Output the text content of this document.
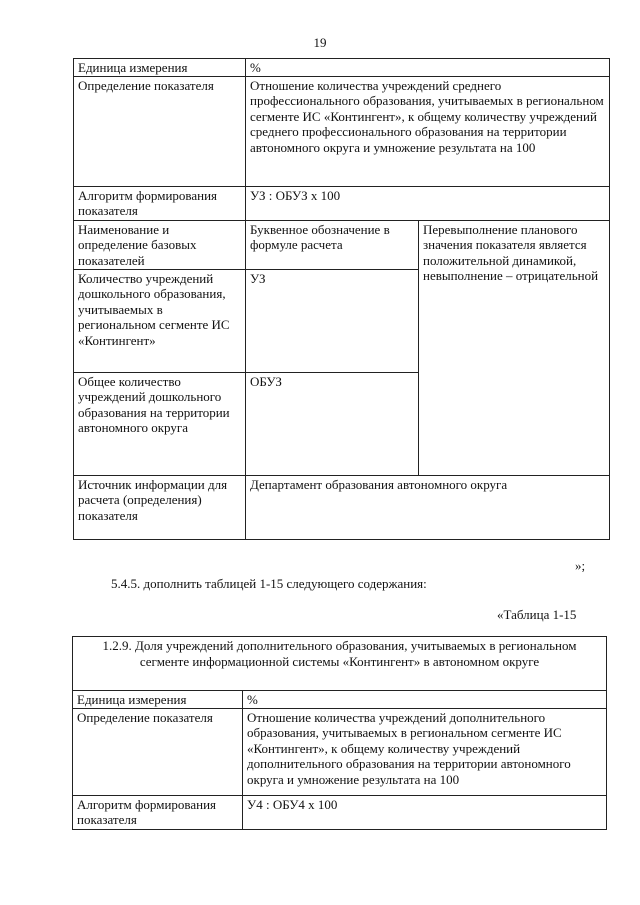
19
Единица измерения	%	
Определение показателя	Отношение количества учреждений среднего профессионального образования, учитываемых в региональном сегменте ИС «Контингент», к общему количеству учреждений среднего профессионального образования на территории автономного округа и умножение результата на 100	
Алгоритм формирования показателя	УЗ : ОБУЗ х 100	
Наименование и определение базовых показателей	Буквенное обозначение в формуле расчета	Перевыполнение планового значения показателя является положительной динамикой, невыполнение – отрицательной
Количество учреждений дошкольного образования, учитываемых в региональном сегменте ИС «Контингент»	УЗ	
Общее количество учреждений дошкольного образования на территории автономного округа	ОБУЗ	
Источник информации для расчета (определения) показателя	Департамент образования автономного округа	
»;
5.4.5. дополнить таблицей 1-15 следующего содержания:
«Таблица 1-15
1.2.9. Доля учреждений дополнительного образования, учитываемых в региональном сегменте информационной системы «Контингент» в автономном округе	
Единица измерения	%
Определение показателя	Отношение количества учреждений дополнительного образования, учитываемых в региональном сегменте ИС «Контингент», к общему количеству учреждений дополнительного образования на территории автономного округа и умножение результата на 100
Алгоритм формирования показателя	У4 : ОБУ4 х 100
